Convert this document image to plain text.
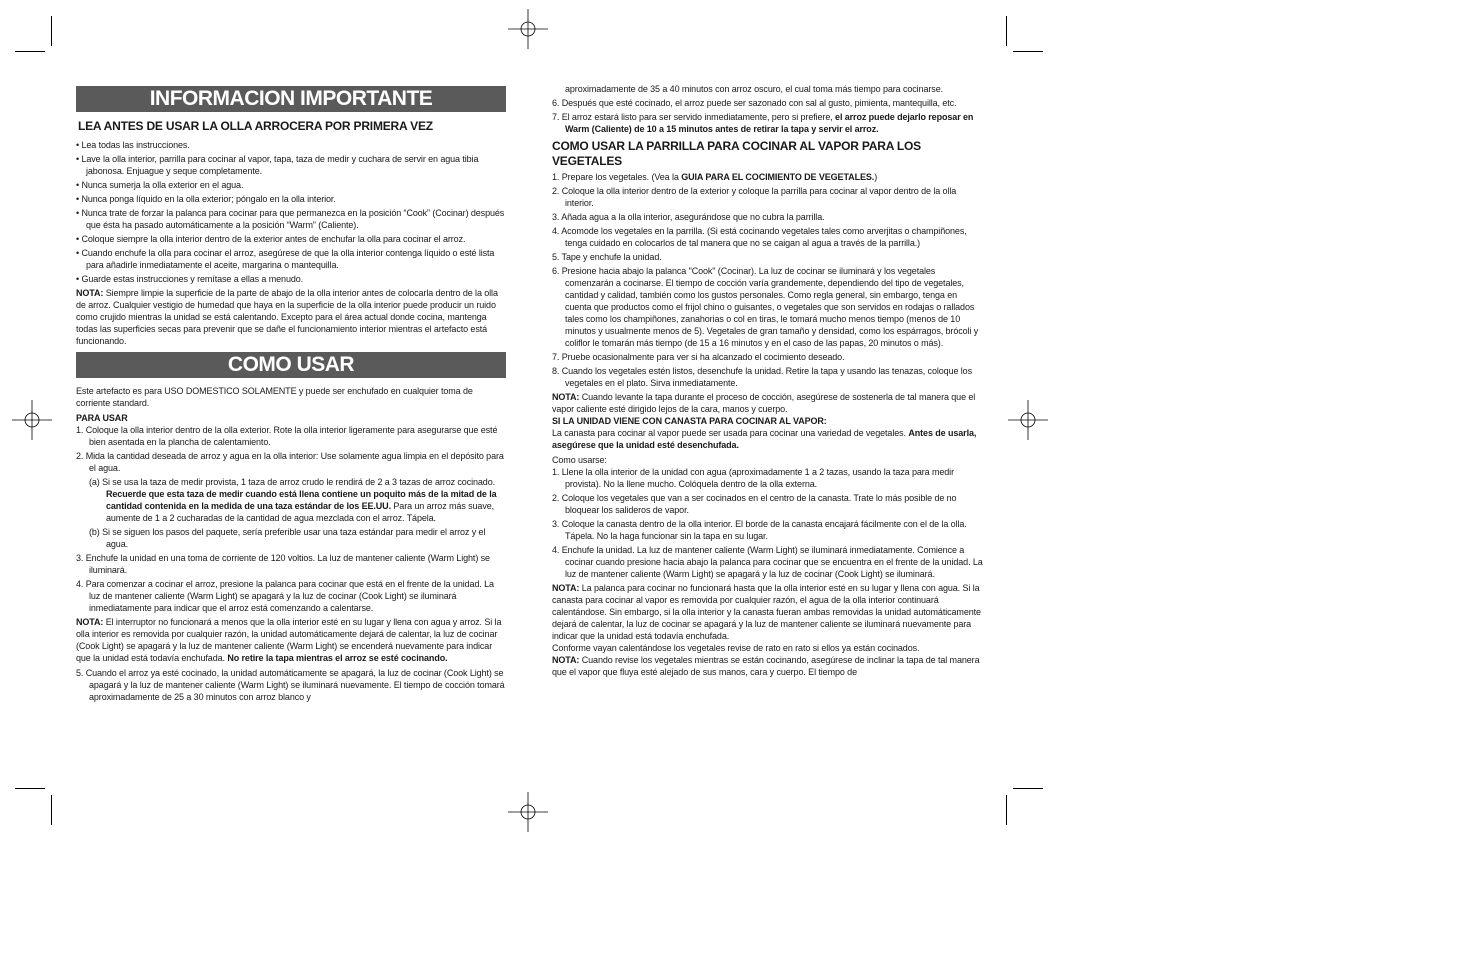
INFORMACION IMPORTANTE

LEA ANTES DE USAR LA OLLA ARROCERA POR PRIMERA VEZ

• Lea todas las instrucciones.

• Lave la olla interior, parrilla para cocinar al vapor, tapa, taza de medir y cuchara de servir en agua tibia jabonosa. Enjuague y seque completamente.

• Nunca sumerja la olla exterior en el agua.

• Nunca ponga líquido en la olla exterior; póngalo en la olla interior.

• Nunca trate de forzar la palanca para cocinar para que permanezca en la posición “Cook” (Cocinar) después que ésta ha pasado automáticamente a la posición “Warm” (Caliente).

• Coloque siempre la olla interior dentro de la exterior antes de enchufar la olla para cocinar el arroz.

• Cuando enchufe la olla para cocinar el arroz, asegúrese de que la olla interior contenga líquido o esté lista para añadirle inmediatamente el aceite, margarina o mantequilla.

• Guarde estas instrucciones y remítase a ellas a menudo.

NOTA: Siempre limpie la superficie de la parte de abajo de la olla interior antes de colocarla dentro de la olla de arroz. Cualquier vestigio de humedad que haya en la superficie de la olla interior puede producir un ruido como crujido mientras la unidad se está calentando. Excepto para el área actual donde cocina, mantenga todas las superficies secas para prevenir que se dañe el funcionamiento interior mientras el artefacto está funcionando.

COMO USAR

Este artefacto es para USO DOMESTICO SOLAMENTE y puede ser enchufado en cualquier toma de corriente standard.

PARA USAR

1. Coloque la olla interior dentro de la olla exterior. Rote la olla interior ligeramente para asegurarse que esté bien asentada en la plancha de calentamiento.

2. Mida la cantidad deseada de arroz y agua en la olla interior: Use solamente agua limpia en el depósito para el agua.

(a) Si se usa la taza de medir provista, 1 taza de arroz crudo le rendirá de 2 a 3 tazas de arroz cocinado. Recuerde que esta taza de medir cuando está llena contiene un poquito más de la mitad de la cantidad contenida en la medida de una taza estándar de los EE.UU. Para un arroz más suave, aumente de 1 a 2 cucharadas de la cantidad de agua mezclada con el arroz. Tápela.

(b) Si se siguen los pasos del paquete, sería preferible usar una taza estándar para medir el arroz y el agua.

3. Enchufe la unidad en una toma de corriente de 120 voltios. La luz de mantener caliente (Warm Light) se iluminará.

4. Para comenzar a cocinar el arroz, presione la palanca para cocinar que está en el frente de la unidad. La luz de mantener caliente (Warm Light) se apagará y la luz de cocinar (Cook Light) se iluminará inmediatamente para indicar que el arroz está comenzando a calentarse.

NOTA: El interruptor no funcionará a menos que la olla interior esté en su lugar y llena con agua y arroz. Si la olla interior es removida por cualquier razón, la unidad automáticamente dejará de calentar, la luz de cocinar (Cook Light) se apagará y la luz de mantener caliente (Warm Light) se encenderá nuevamente para indicar que la unidad está todavía enchufada. No retire la tapa mientras el arroz se esté cocinando.

5. Cuando el arroz ya esté cocinado, la unidad automáticamente se apagará, la luz de cocinar (Cook Light) se apagará y la luz de mantener caliente (Warm Light) se iluminará nuevamente. El tiempo de cocción tomará aproximadamente de 25 a 30 minutos con arroz blanco y

aproximadamente de 35 a 40 minutos con arroz oscuro, el cual toma más tiempo para cocinarse.

6. Después que esté cocinado, el arroz puede ser sazonado con sal al gusto, pimienta, mantequilla, etc.

7. El arroz estará listo para ser servido inmediatamente, pero si prefiere, el arroz puede dejarlo reposar en Warm (Caliente) de 10 a 15 minutos antes de retirar la tapa y servir el arroz.

COMO USAR LA PARRILLA PARA COCINAR AL VAPOR PARA LOS VEGETALES

1. Prepare los vegetales. (Vea la GUIA PARA EL COCIMIENTO DE VEGETALES.)

2. Coloque la olla interior dentro de la exterior y coloque la parrilla para cocinar al vapor dentro de la olla interior.

3. Añada agua a la olla interior, asegurándose que no cubra la parrilla.

4. Acomode los vegetales en la parrilla. (Si está cocinando vegetales tales como arverjitas o champiñones, tenga cuidado en colocarlos de tal manera que no se caigan al agua a través de la parrilla.)

5. Tape y enchufe la unidad.

6. Presione hacia abajo la palanca "Cook" (Cocinar). La luz de cocinar se iluminará y los vegetales comenzarán a cocinarse. El tiempo de cocción varía grandemente, dependiendo del tipo de vegetales, cantidad y calidad, también como los gustos personales. Como regla general, sin embargo, tenga en cuenta que productos como el frijol chino o guisantes, o vegetales que son servidos en rodajas o rallados tales como los champiñones, zanahorias o col en tiras, le tomará mucho menos tiempo (menos de 10 minutos y usualmente menos de 5). Vegetales de gran tamaño y densidad, como los espárragos, brócoli y coliflor le tomarán más tiempo (de 15 a 16 minutos y en el caso de las papas, 20 minutos o más).

7. Pruebe ocasionalmente para ver si ha alcanzado el cocimiento deseado.

8. Cuando los vegetales estén listos, desenchufe la unidad. Retire la tapa y usando las tenazas, coloque los vegetales en el plato. Sirva inmediatamente.

NOTA: Cuando levante la tapa durante el proceso de cocción, asegúrese de sostenerla de tal manera que el vapor caliente esté dirigido lejos de la cara, manos y cuerpo.

SI LA UNIDAD VIENE CON CANASTA PARA COCINAR AL VAPOR:

La canasta para cocinar al vapor puede ser usada para cocinar una variedad de vegetales. Antes de usarla, asegúrese que la unidad esté desenchufada.

Como usarse:

1. Llene la olla interior de la unidad con agua (aproximadamente 1 a 2 tazas, usando la taza para medir provista). No la llene mucho. Colóquela dentro de la olla externa.

2. Coloque los vegetales que van a ser cocinados en el centro de la canasta. Trate lo más posible de no bloquear los salideros de vapor.

3. Coloque la canasta dentro de la olla interior. El borde de la canasta encajará fácilmente con el de la olla. Tápela. No la haga funcionar sin la tapa en su lugar.

4. Enchufe la unidad. La luz de mantener caliente (Warm Light) se iluminará inmediatamente. Comience a cocinar cuando presione hacia abajo la palanca para cocinar que se encuentra en el frente de la unidad. La luz de mantener caliente (Warm Light) se apagará y la luz de cocinar (Cook Light) se iluminará.

NOTA: La palanca para cocinar no funcionará hasta que la olla interior esté en su lugar y llena con agua. Si la canasta para cocinar al vapor es removida por cualquier razón, el agua de la olla interior continuará calentándose. Sin embargo, si la olla interior y la canasta fueran ambas removidas la unidad automáticamente dejará de calentar, la luz de cocinar se apagará y la luz de mantener caliente se iluminará nuevamente para indicar que la unidad está todavía enchufada.

Conforme vayan calentándose los vegetales revise de rato en rato si ellos ya están cocinados.

NOTA: Cuando revise los vegetales mientras se están cocinando, asegúrese de inclinar la tapa de tal manera que el vapor que fluya esté alejado de sus manos, cara y cuerpo. El tiempo de
